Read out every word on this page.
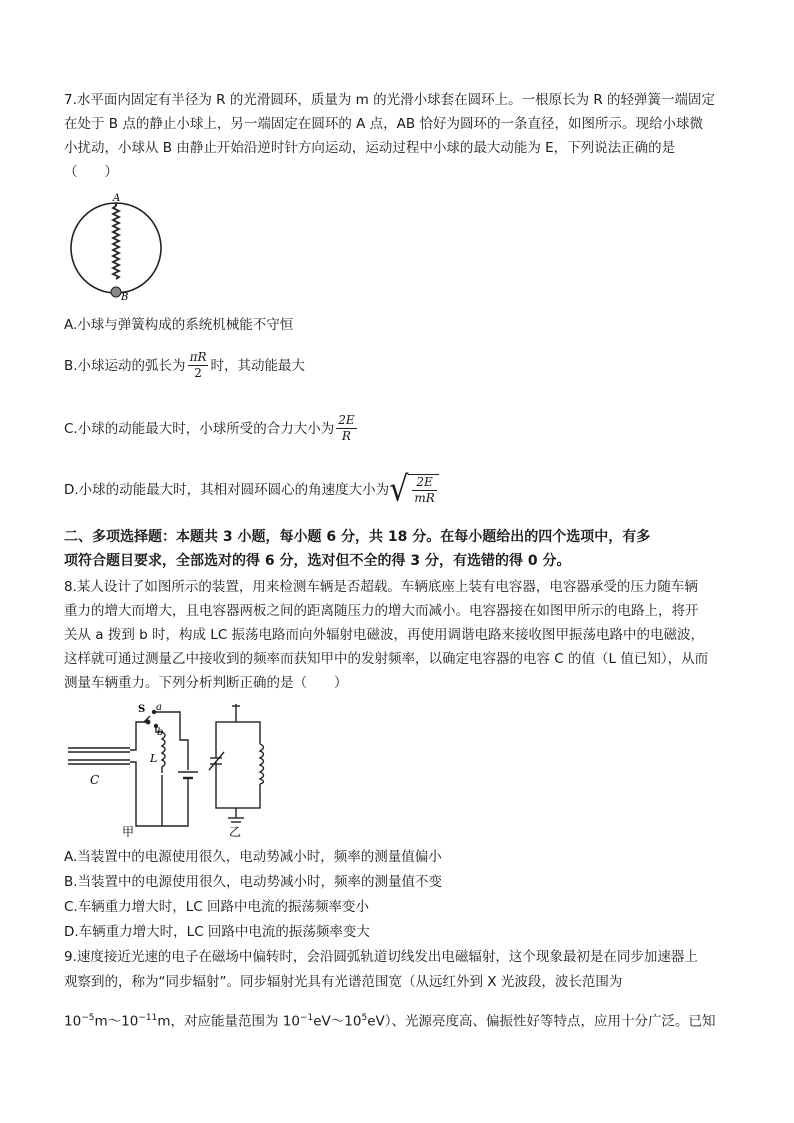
7.水平面内固定有半径为 R 的光滑圆环，质量为 m 的光滑小球套在圆环上。一根原长为 R 的轻弹簧一端固定
在处于 B 点的静止小球上，另一端固定在圆环的 A 点，AB 恰好为圆环的一条直径，如图所示。现给小球微
小扰动，小球从 B 由静止开始沿逆时针方向运动，运动过程中小球的最大动能为 E，下列说法正确的是
（　　）
A
B
A.小球与弹簧构成的系统机械能不守恒
B.小球运动的弧长为 $\frac{\pi R}{2}$ 时，其动能最大
C.小球的动能最大时，小球所受的合力大小为 $\frac{2E}{R}$
D.小球的动能最大时，其相对圆环圆心的角速度大小为 √ $\frac{2E}{mR}$
二、多项选择题：本题共 3 小题，每小题 6 分，共 18 分。在每小题给出的四个选项中，有多
项符合题目要求，全部选对的得 6 分，选对但不全的得 3 分，有选错的得 0 分。
8.某人设计了如图所示的装置，用来检测车辆是否超载。车辆底座上装有电容器，电容器承受的压力随车辆
重力的增大而增大，且电容器两板之间的距离随压力的增大而减小。电容器接在如图甲所示的电路上，将开
关从 a 拨到 b 时，构成 LC 振荡电路而向外辐射电磁波，再使用调谐电路来接收图甲振荡电路中的电磁波，
这样就可通过测量乙中接收到的频率而获知甲中的发射频率，以确定电容器的电容 C 的值（L 值已知），从而
测量车辆重力。下列分析判断正确的是（　　）
S a
b
L
C
甲	乙
A.当装置中的电源使用很久，电动势减小时，频率的测量值偏小
B.当装置中的电源使用很久，电动势减小时，频率的测量值不变
C.车辆重力增大时，LC 回路中电流的振荡频率变小
D.车辆重力增大时，LC 回路中电流的振荡频率变大
9.速度接近光速的电子在磁场中偏转时，会沿圆弧轨道切线发出电磁辐射，这个现象最初是在同步加速器上
观察到的，称为“同步辐射”。同步辐射光具有光谱范围宽（从远红外到 X 光波段，波长范围为
$10^{-5}m\sim 10^{-11}m$，对应能量范围为 $10^{-1}eV\sim 10^5eV$）、光源亮度高、偏振性好等特点，应用十分广泛。已知
